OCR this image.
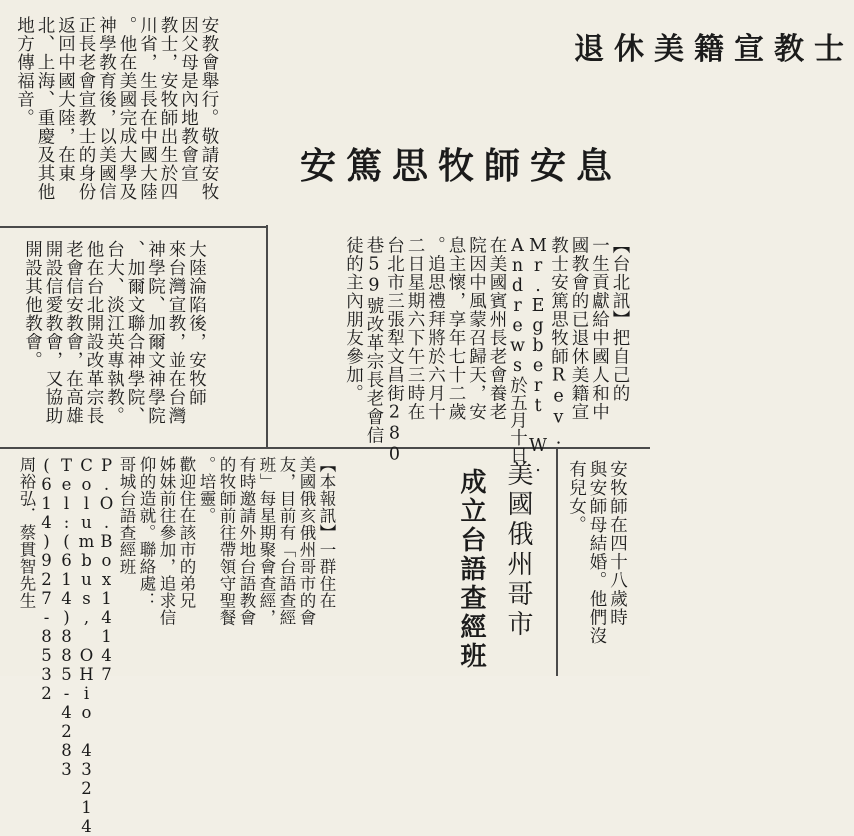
退休美籍宣教士
安篤思牧師安息
【台北訊】把自己的
一生貢獻給中國人和中
國教會的已退休美籍宣
教士安篤思牧師Rev.
Mr.Egbert W.
Andrews於五月十日
在美國賓州長老會養老
院因中風蒙召歸天，安
息主懷，享年七十二歲
。追思禮拜將於六月十
二日星期六下午三時在
台北市三張犁文昌街280
巷59號改革宗長老會信
徒的主內朋友參加。
大陸淪陷後，安牧師
來台灣宣教，並在台灣
神學院、加爾文神學院
、加爾文聯合神學院、
台大、淡江英專執教。
他在台北開設改革宗長
老會信安教會，在高雄
開設信愛教會，又協助
開設其他教會。
安教會舉行。敬請安牧
因父母是內地教會宣
教士，安牧師出生於四
川省，生長在中國大陸
。他在美國完成大學及
神學教育後，以美國信
正長老會宣教士的身份
返回中國大陸，在東
北、上海、重慶及其他
地方傳福音。
安牧師在四十八歲時
與安師母結婚。他們沒
有兒女。
美國俄州哥市
成立台語查經班
【本報訊】一群住在
美國俄亥俄州哥市的會
友，目前有「台語查經
班」每星期聚會查經，
有時邀請外地台語教會
的牧師前往帶領守聖餐
。培靈。
歡迎住在該市的弟兄
姊妹前往參加，追求信
仰的造就。聯絡處：
哥城台語查經班
P.O.Box14147
Columbus, OHio 43214
Tel:(614)885-4283
(614)927-8532
周裕弘．蔡貫智先生
